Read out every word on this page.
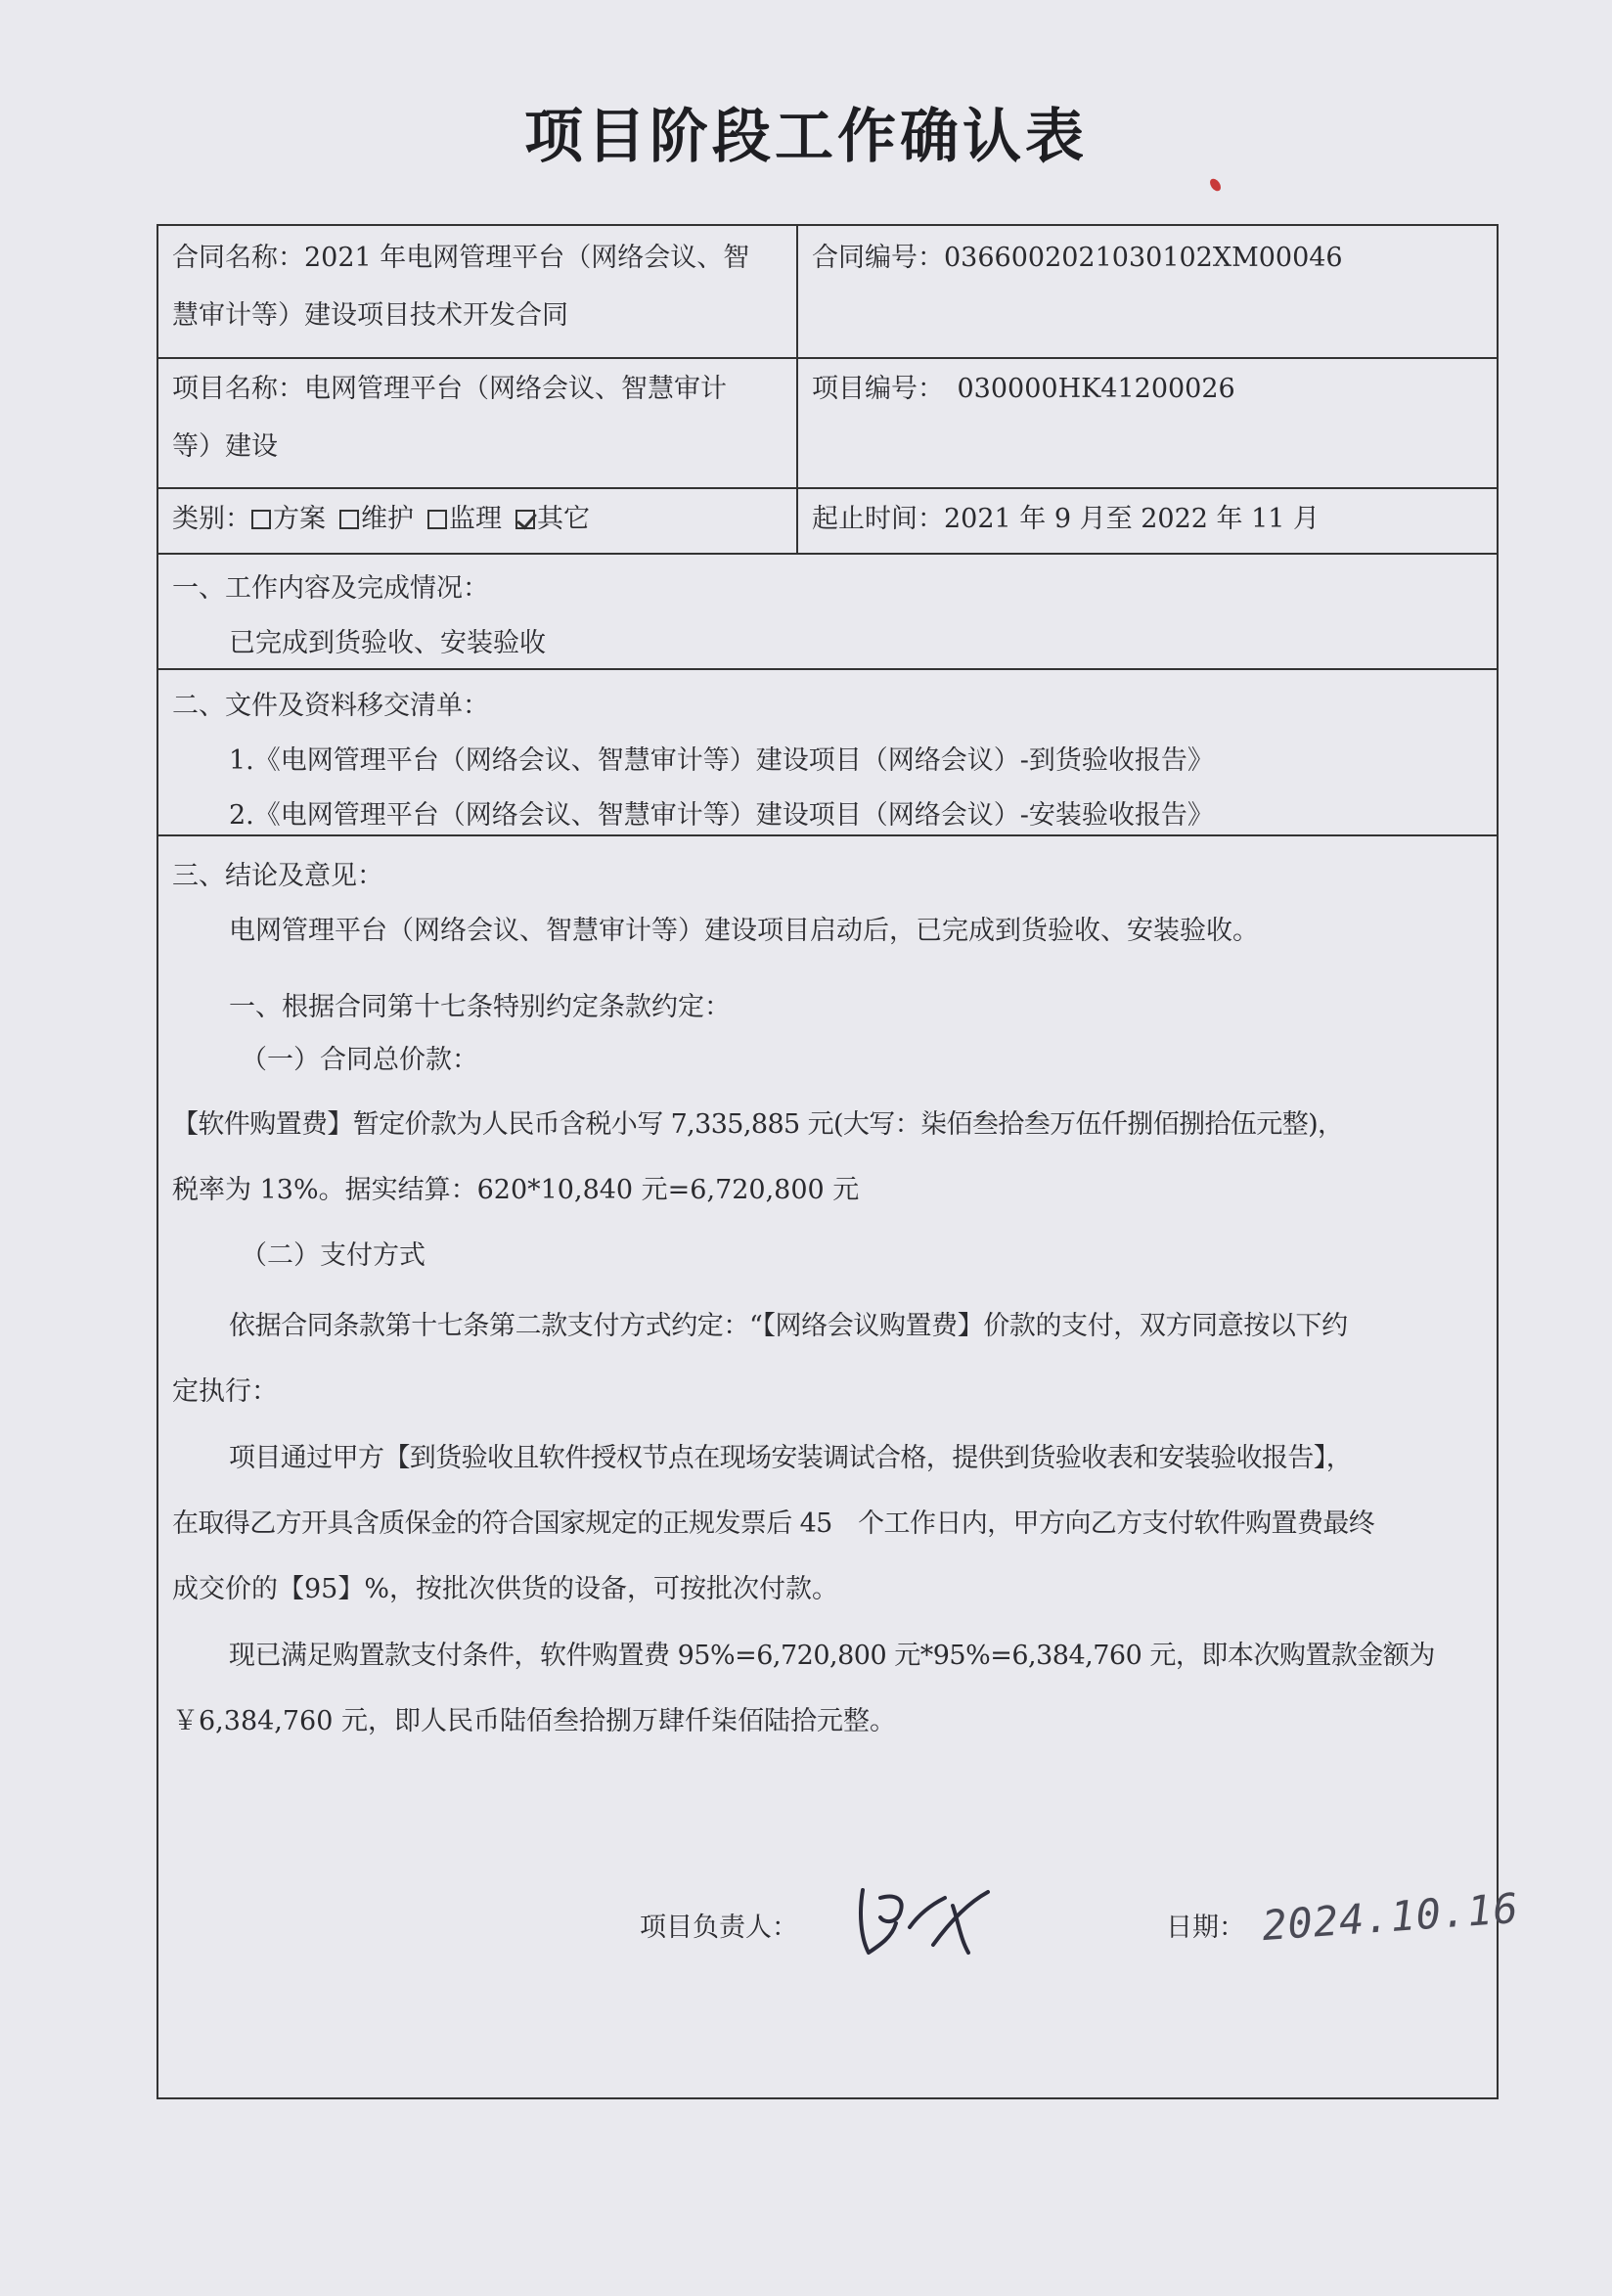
项目阶段工作确认表

合同名称：2021 年电网管理平台（网络会议、智

慧审计等）建设项目技术开发合同

合同编号：0366002021030102XM00046

项目名称：电网管理平台（网络会议、智慧审计

等）建设

项目编号：　030000HK41200026

类别： 方案 维护 监理 其它	起止时间：2021 年 9 月至 2022 年 11 月

一、工作内容及完成情况：

已完成到货验收、安装验收

二、文件及资料移交清单：

1.《电网管理平台（网络会议、智慧审计等）建设项目（网络会议）-到货验收报告》

2.《电网管理平台（网络会议、智慧审计等）建设项目（网络会议）-安装验收报告》

三、结论及意见：

电网管理平台（网络会议、智慧审计等）建设项目启动后，已完成到货验收、安装验收。

一、根据合同第十七条特别约定条款约定：

（一）合同总价款：

【软件购置费】暂定价款为人民币含税小写 7,335,885 元(大写：柒佰叁拾叁万伍仟捌佰捌拾伍元整)，

税率为 13%。据实结算：620*10,840 元=6,720,800 元

（二）支付方式

依据合同条款第十七条第二款支付方式约定：“【网络会议购置费】价款的支付，双方同意按以下约

定执行：

项目通过甲方【到货验收且软件授权节点在现场安装调试合格，提供到货验收表和安装验收报告】，

在取得乙方开具含质保金的符合国家规定的正规发票后 45　个工作日内，甲方向乙方支付软件购置费最终

成交价的【95】%，按批次供货的设备，可按批次付款。

现已满足购置款支付条件，软件购置费 95%=6,720,800 元*95%=6,384,760 元，即本次购置款金额为

￥6,384,760 元，即人民币陆佰叁拾捌万肆仟柒佰陆拾元整。

项目负责人：	日期： 2024.10.16
